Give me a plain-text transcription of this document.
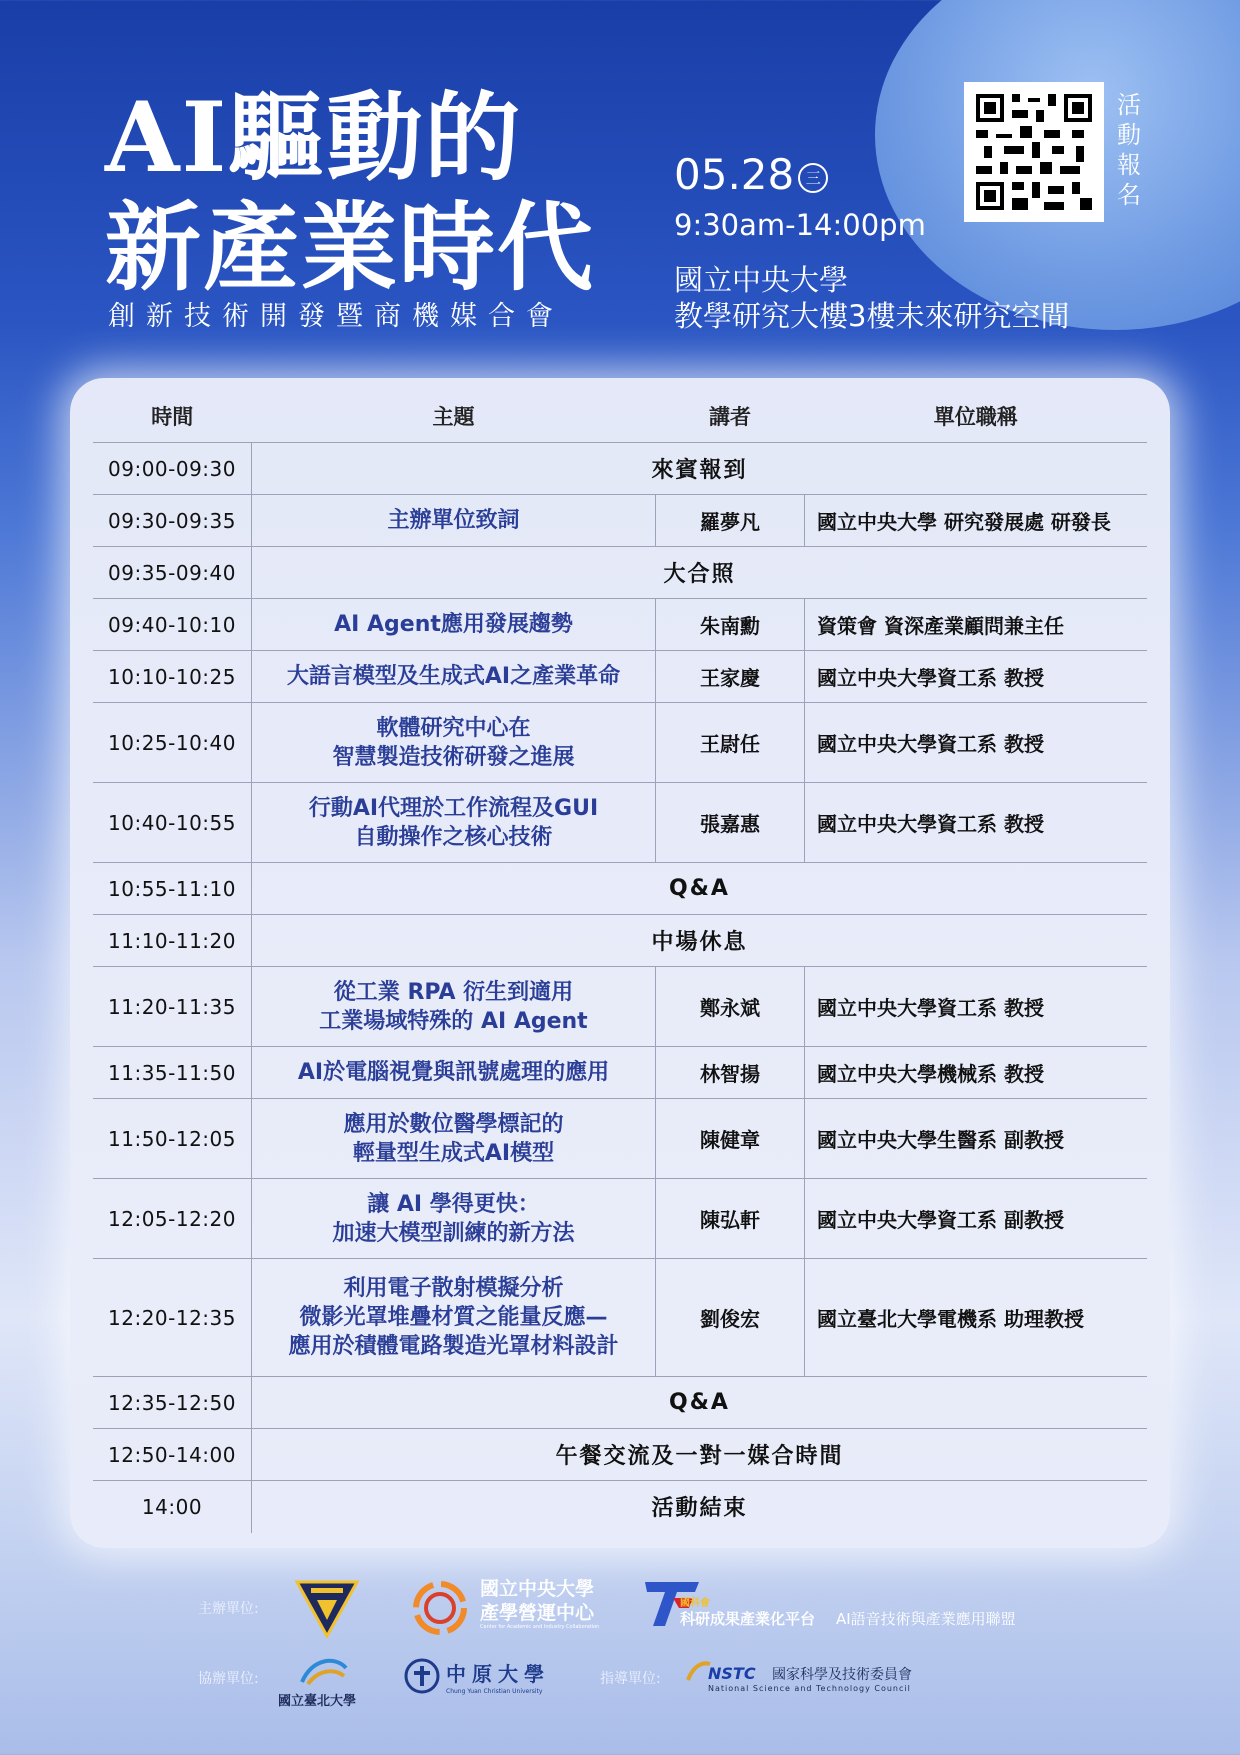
AI驅動的
新產業時代
創新技術開發暨商機媒合會
05.28 三
9:30am-14:00pm
國立中央大學
教學研究大樓3樓未來研究空間
活動報名
時間	主題	講者	單位職稱
09:00-09:30	來賓報到		
09:30-09:35	主辦單位致詞	羅夢凡	國立中央大學 研究發展處 研發長
09:35-09:40	大合照		
09:40-10:10	AI Agent應用發展趨勢	朱南勳	資策會 資深產業顧問兼主任
10:10-10:25	大語言模型及生成式AI之產業革命	王家慶	國立中央大學資工系 教授
10:25-10:40	軟體研究中心在
智慧製造技術研發之進展	王尉任	國立中央大學資工系 教授
10:40-10:55	行動AI代理於工作流程及GUI
自動操作之核心技術	張嘉惠	國立中央大學資工系 教授
10:55-11:10	Q&A		
11:10-11:20	中場休息		
11:20-11:35	從工業 RPA 衍生到適用
工業場域特殊的 AI Agent	鄭永斌	國立中央大學資工系 教授
11:35-11:50	AI於電腦視覺與訊號處理的應用	林智揚	國立中央大學機械系 教授
11:50-12:05	應用於數位醫學標記的
輕量型生成式AI模型	陳健章	國立中央大學生醫系 副教授
12:05-12:20	讓 AI 學得更快：
加速大模型訓練的新方法	陳弘軒	國立中央大學資工系 副教授
12:20-12:35	利用電子散射模擬分析
微影光罩堆疊材質之能量反應—
應用於積體電路製造光罩材料設計	劉俊宏	國立臺北大學電機系 助理教授
12:35-12:50	Q&A		
12:50-14:00	午餐交流及一對一媒合時間		
14:00	活動結束		
主辦單位:
國立中央大學
產學營運中心
Center for Academic and Industry Collaboration
國科會
科研成果產業化平台 AI語音技術與產業應用聯盟
協辦單位:
國立臺北大學
中原大學
Chung Yuan Christian University
指導單位:	NSTC 國家科學及技術委員會
National Science and Technology Council
